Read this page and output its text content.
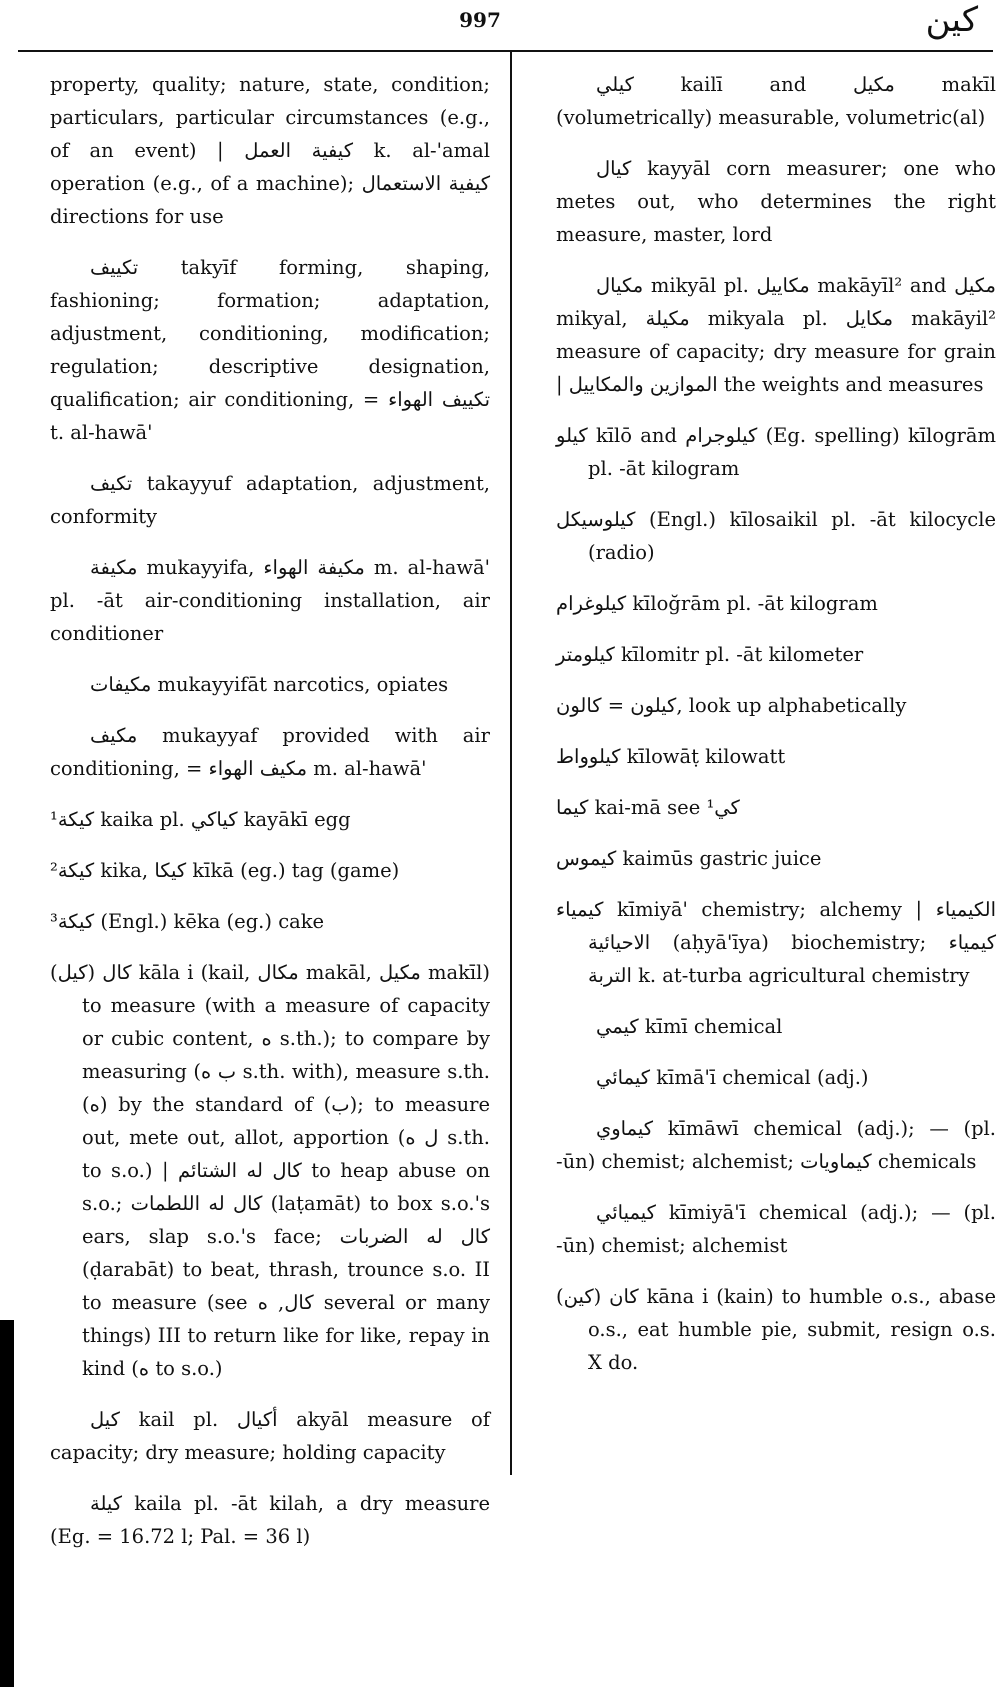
997	كين

property, quality; nature, state, condition; particulars, particular circumstances (e.g., of an event) | كيفية العمل k. al-'amal operation (e.g., of a machine); كيفية الاستعمال directions for use

تكييف takyīf forming, shaping, fashioning; formation; adaptation, adjustment, conditioning, modification; regulation; descriptive designation, qualification; air conditioning, = تكييف الهواء t. al-hawā'

تكيف takayyuf adaptation, adjustment, conformity

مكيفة mukayyifa, مكيفة الهواء m. al-hawā' pl. -āt air-conditioning installation, air conditioner

مكيفات mukayyifāt narcotics, opiates

مكيف mukayyaf provided with air conditioning, = مكيف الهواء m. al-hawā'

¹كيكة kaika pl. كياكي kayākī egg

²كيكة kika, كيكا kīkā (eg.) tag (game)

³كيكة (Engl.) kēka (eg.) cake

كال (كيل) kāla i (kail, مكال makāl, مكيل makīl) to measure (with a measure of capacity or cubic content, ه s.th.); to compare by measuring (ب ه s.th. with), measure s.th. (ه) by the standard of (ب); to measure out, mete out, allot, apportion (ل ه s.th. to s.o.) | كال له الشتائم to heap abuse on s.o.; كال له اللطمات (laṭamāt) to box s.o.'s ears, slap s.o.'s face; كال له الضربات (ḍarabāt) to beat, thrash, trounce s.o. II to measure (see كال, ه several or many things) III to return like for like, repay in kind (ه to s.o.)

كيل kail pl. أكيال akyāl measure of capacity; dry measure; holding capacity

كيلة kaila pl. -āt kilah, a dry measure (Eg. = 16.72 l; Pal. = 36 l)

كيلي kailī and مكيل makīl (volumetrically) measurable, volumetric(al)

كيال kayyāl corn measurer; one who metes out, who determines the right measure, master, lord

مكيال mikyāl pl. مكاييل makāyīl² and مكيل mikyal, مكيلة mikyala pl. مكايل makāyil² measure of capacity; dry measure for grain | الموازين والمكاييل the weights and measures

كيلو kīlō and كيلوجرام (Eg. spelling) kīlogrām pl. -āt kilogram

كيلوسيكل (Engl.) kīlosaikil pl. -āt kilocycle (radio)

كيلوغرام kīloğrām pl. -āt kilogram

كيلومتر kīlomitr pl. -āt kilometer

كيلون = كالون, look up alphabetically

كيلوواط kīlowāṭ kilowatt

كيما kai-mā see ¹كي

كيموس kaimūs gastric juice

كيمياء kīmiyā' chemistry; alchemy | الكيمياء الاحيائية (aḥyā'īya) biochemistry; كيمياء التربة k. at-turba agricultural chemistry

كيمي kīmī chemical

كيمائي kīmā'ī chemical (adj.)

كيماوي kīmāwī chemical (adj.); — (pl. -ūn) chemist; alchemist; كيماويات chemicals

كيميائي kīmiyā'ī chemical (adj.); — (pl. -ūn) chemist; alchemist

كان (كين) kāna i (kain) to humble o.s., abase o.s., eat humble pie, submit, resign o.s. X do.
